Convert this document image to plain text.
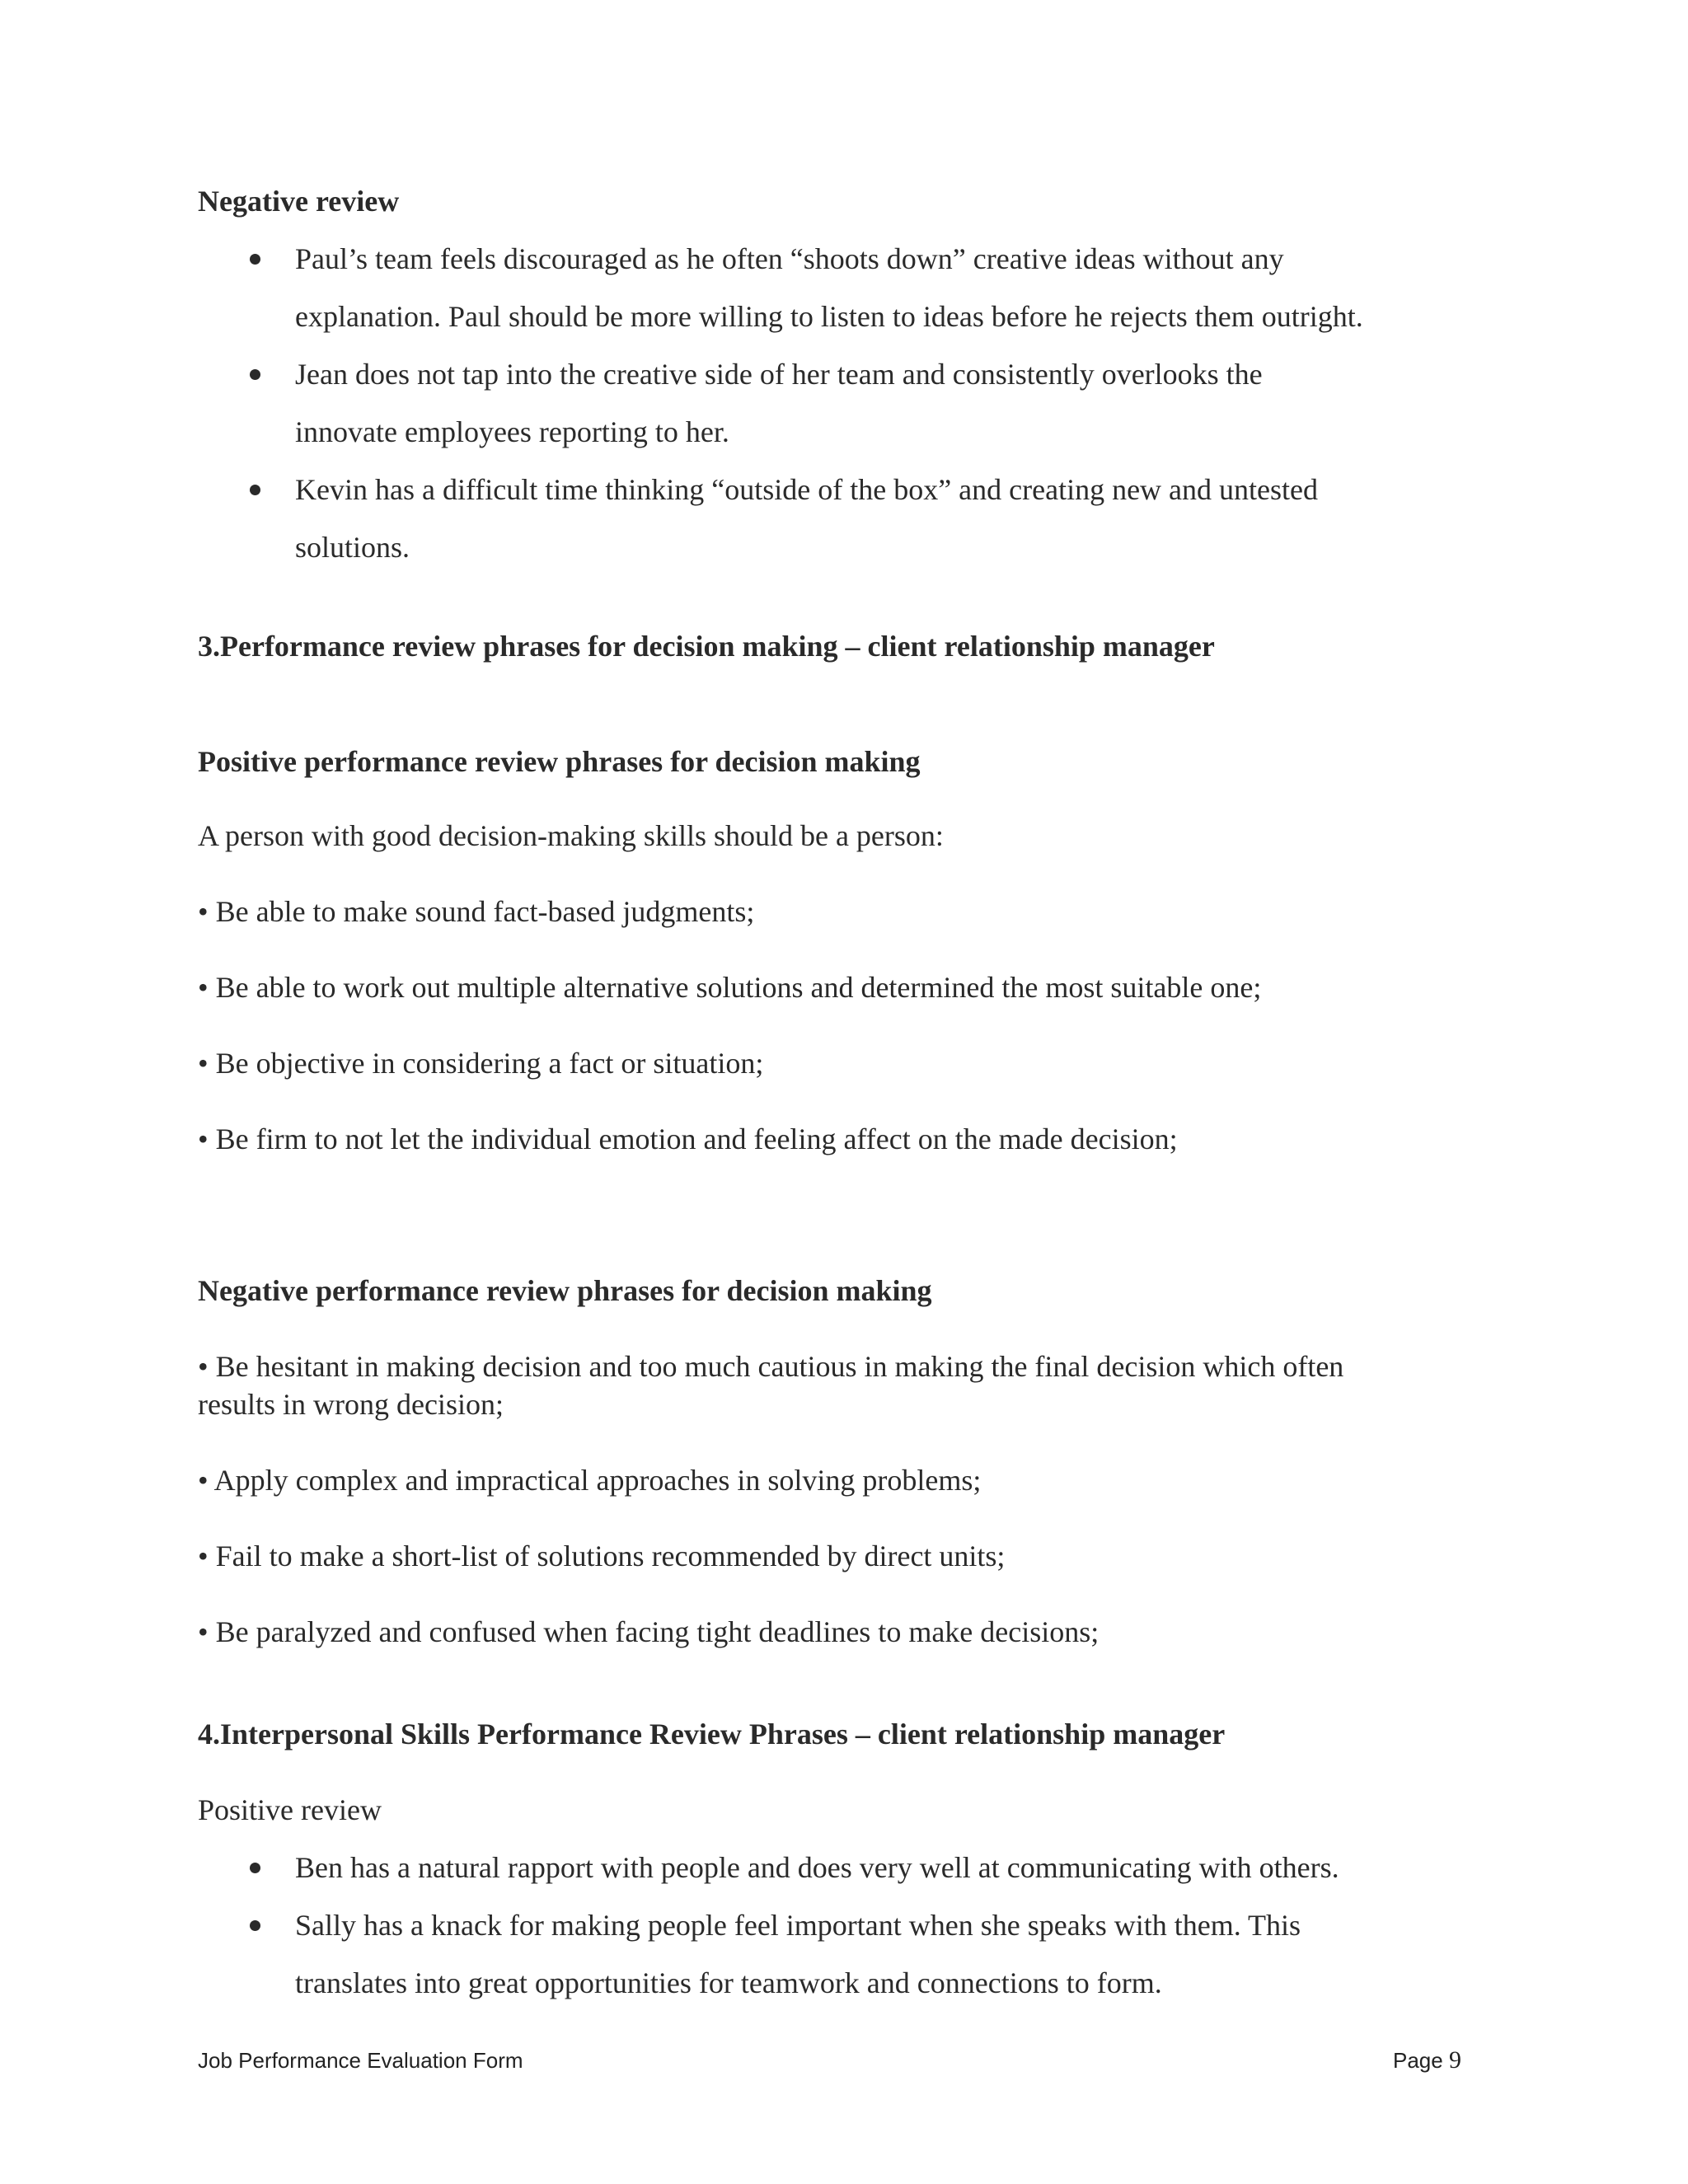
Negative review
Paul’s team feels discouraged as he often “shoots down” creative ideas without any
explanation. Paul should be more willing to listen to ideas before he rejects them outright.
Jean does not tap into the creative side of her team and consistently overlooks the
innovate employees reporting to her.
Kevin has a difficult time thinking “outside of the box” and creating new and untested
solutions.
3.Performance review phrases for decision making – client relationship manager
Positive performance review phrases for decision making
A person with good decision-making skills should be a person:
• Be able to make sound fact-based judgments;
• Be able to work out multiple alternative solutions and determined the most suitable one;
• Be objective in considering a fact or situation;
• Be firm to not let the individual emotion and feeling affect on the made decision;
Negative performance review phrases for decision making
• Be hesitant in making decision and too much cautious in making the final decision which often
results in wrong decision;
• Apply complex and impractical approaches in solving problems;
• Fail to make a short-list of solutions recommended by direct units;
• Be paralyzed and confused when facing tight deadlines to make decisions;
4.Interpersonal Skills Performance Review Phrases – client relationship manager
Positive review
Ben has a natural rapport with people and does very well at communicating with others.
Sally has a knack for making people feel important when she speaks with them. This
translates into great opportunities for teamwork and connections to form.
Job Performance Evaluation Form	Page 9
